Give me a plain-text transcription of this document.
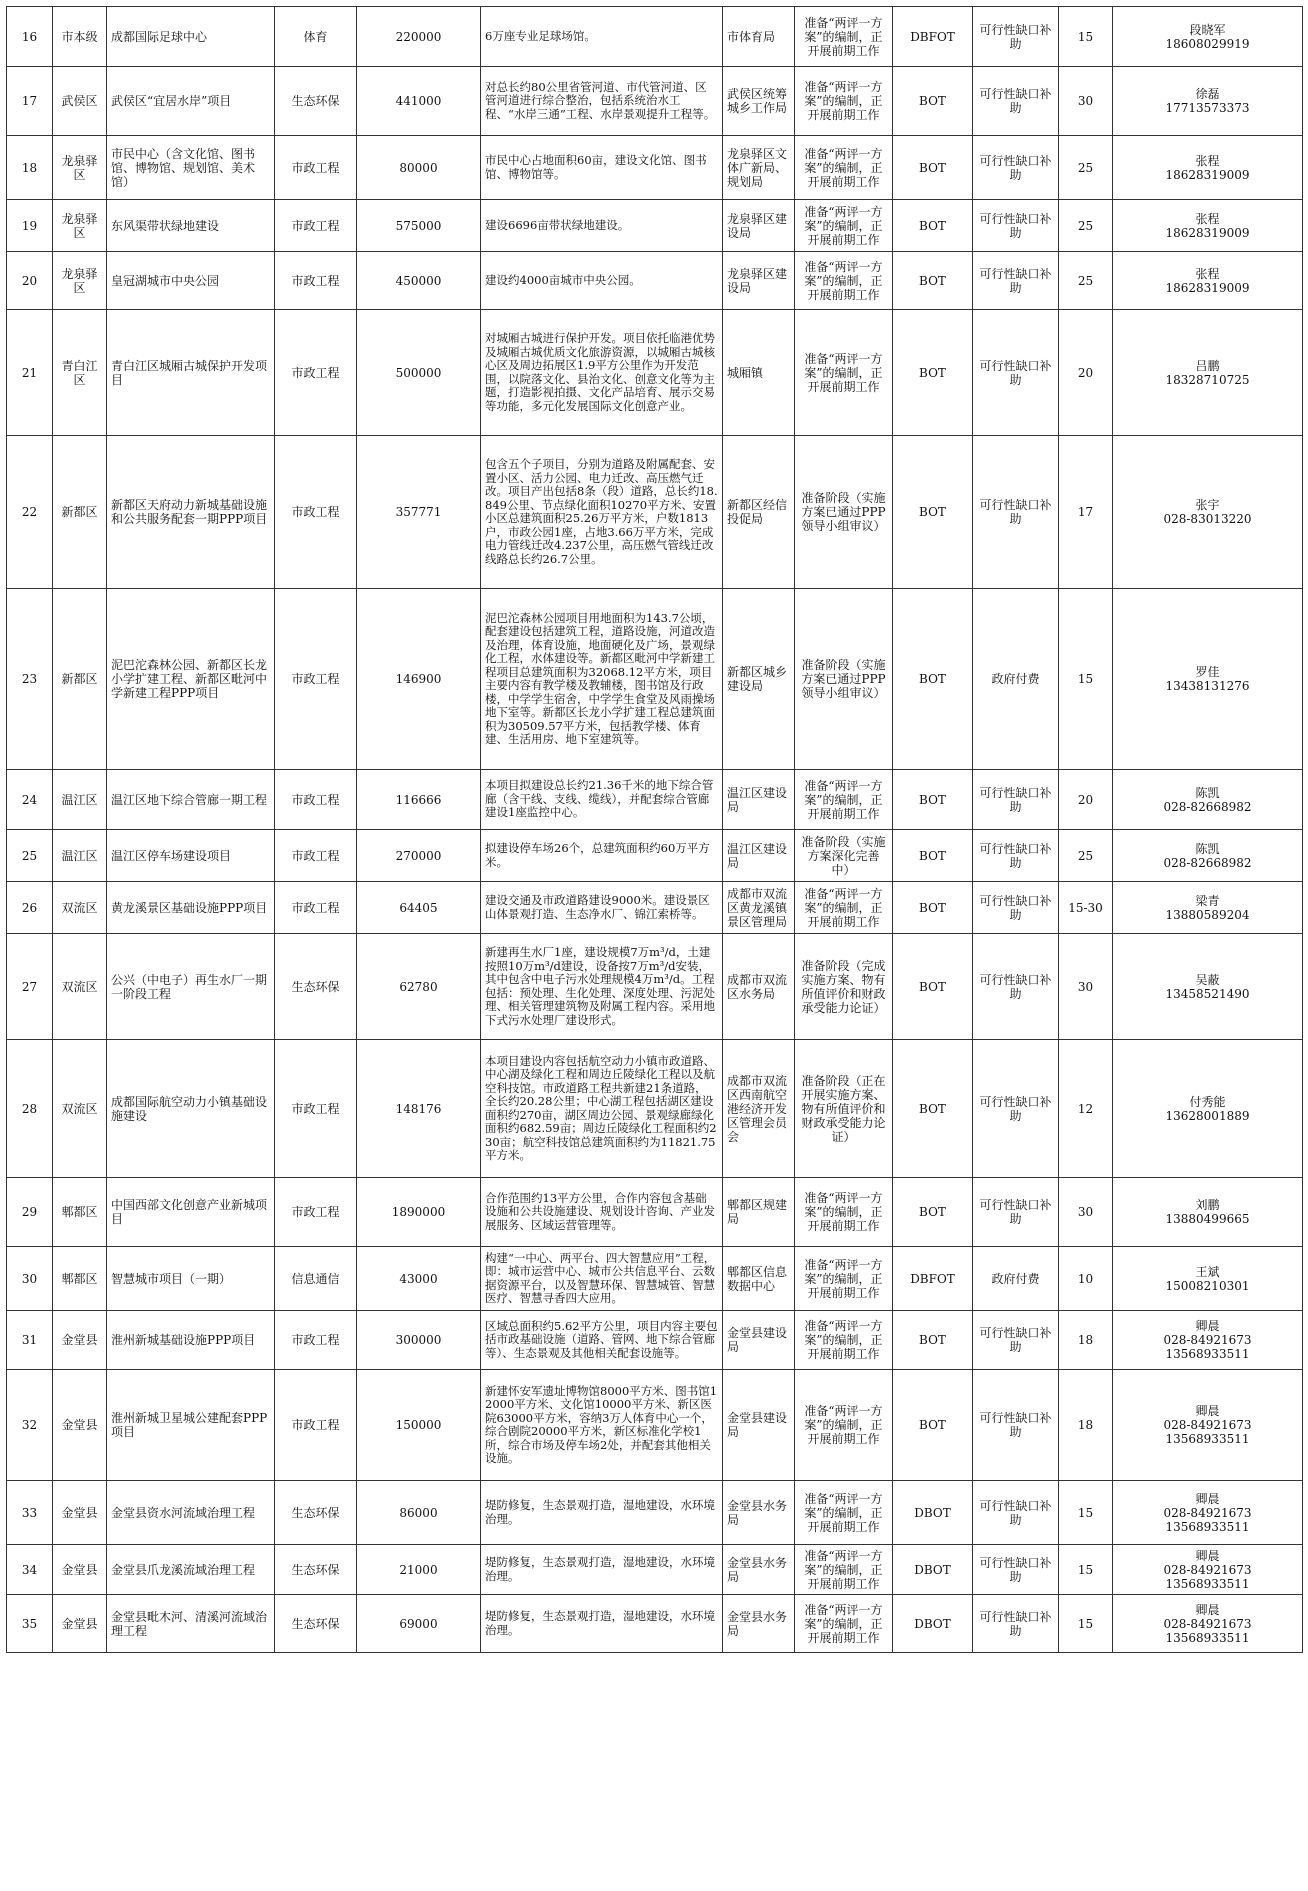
16	市本级	成都国际足球中心	体育	220000	6万座专业足球场馆。	市体育局	准备“两评一方案”的编制，正开展前期工作	DBFOT	可行性缺口补助	15	段晓军
18608029919

17	武侯区	武侯区“宜居水岸”项目	生态环保	441000	对总长约80公里省管河道、市代管河道、区管河道进行综合整治，包括系统治水工程、“水岸三通”工程、水岸景观提升工程等。	武侯区统筹城乡工作局	准备“两评一方案”的编制，正开展前期工作	BOT	可行性缺口补助	30	徐磊
17713573373

18	龙泉驿区	市民中心（含文化馆、图书馆、博物馆、规划馆、美术馆）	市政工程	80000	市民中心占地面积60亩，建设文化馆、图书馆、博物馆等。	龙泉驿区文体广新局、规划局	准备“两评一方案”的编制，正开展前期工作	BOT	可行性缺口补助	25	张程
18628319009

19	龙泉驿区	东风渠带状绿地建设	市政工程	575000	建设6696亩带状绿地建设。	龙泉驿区建设局	准备“两评一方案”的编制，正开展前期工作	BOT	可行性缺口补助	25	张程
18628319009

20	龙泉驿区	皇冠湖城市中央公园	市政工程	450000	建设约4000亩城市中央公园。	龙泉驿区建设局	准备“两评一方案”的编制，正开展前期工作	BOT	可行性缺口补助	25	张程
18628319009

21	青白江区	青白江区城厢古城保护开发项目	市政工程	500000	对城厢古城进行保护开发。项目依托临港优势及城厢古城优质文化旅游资源，以城厢古城核心区及周边拓展区1.9平方公里作为开发范围，以院落文化、县治文化、创意文化等为主题，打造影视拍摄、文化产品培育、展示交易等功能，多元化发展国际文化创意产业。	城厢镇	准备“两评一方案”的编制，正开展前期工作	BOT	可行性缺口补助	20	吕鹏
18328710725

22	新都区	新都区天府动力新城基础设施和公共服务配套一期PPP项目	市政工程	357771	包含五个子项目，分别为道路及附属配套、安置小区、活力公园、电力迁改、高压燃气迁改。项目产出包括8条（段）道路，总长约18.849公里、节点绿化面积10270平方米、安置小区总建筑面积25.26万平方米，户数1813户，市政公园1座，占地3.66万平方米，完成电力管线迁改4.237公里，高压燃气管线迁改线路总长约26.7公里。	新都区经信投促局	准备阶段（实施方案已通过PPP领导小组审议）	BOT	可行性缺口补助	17	张宇
028-83013220

23	新都区	泥巴沱森林公园、新都区长龙小学扩建工程、新都区毗河中学新建工程PPP项目	市政工程	146900	泥巴沱森林公园项目用地面积为143.7公顷，配套建设包括建筑工程，道路设施，河道改造及治理，体育设施，地面硬化及广场，景观绿化工程，水体建设等。新都区毗河中学新建工程项目总建筑面积为32068.12平方米，项目主要内容有教学楼及教辅楼，图书馆及行政楼，中学学生宿舍，中学学生食堂及风雨操场地下室等。新都区长龙小学扩建工程总建筑面积为30509.57平方米，包括教学楼、体育建、生活用房、地下室建筑等。	新都区城乡建设局	准备阶段（实施方案已通过PPP领导小组审议）	BOT	政府付费	15	罗佳
13438131276

24	温江区	温江区地下综合管廊一期工程	市政工程	116666	本项目拟建设总长约21.36千米的地下综合管廊（含干线、支线、缆线），并配套综合管廊建设1座监控中心。	温江区建设局	准备“两评一方案”的编制，正开展前期工作	BOT	可行性缺口补助	20	陈凯
028-82668982

25	温江区	温江区停车场建设项目	市政工程	270000	拟建设停车场26个，总建筑面积约60万平方米。	温江区建设局	准备阶段（实施方案深化完善中）	BOT	可行性缺口补助	25	陈凯
028-82668982

26	双流区	黄龙溪景区基础设施PPP项目	市政工程	64405	建设交通及市政道路建设9000米。建设景区山体景观打造、生态净水厂、锦江索桥等。	成都市双流区黄龙溪镇景区管理局	准备“两评一方案”的编制，正开展前期工作	BOT	可行性缺口补助	15-30	梁青
13880589204

27	双流区	公兴（中电子）再生水厂一期一阶段工程	生态环保	62780	新建再生水厂1座，建设规模7万m³/d，土建按照10万m³/d建设，设备按7万m³/d安装，其中包含中电子污水处理规模4万m³/d。工程包括：预处理、生化处理、深度处理、污泥处理、相关管理建筑物及附属工程内容。采用地下式污水处理厂建设形式。	成都市双流区水务局	准备阶段（完成实施方案、物有所值评价和财政承受能力论证）	BOT	可行性缺口补助	30	吴蔽
13458521490

28	双流区	成都国际航空动力小镇基础设施建设	市政工程	148176	本项目建设内容包括航空动力小镇市政道路、中心湖及绿化工程和周边丘陵绿化工程以及航空科技馆。市政道路工程共新建21条道路，全长约20.28公里；中心湖工程包括湖区建设面积约270亩，湖区周边公园、景观绿廊绿化面积约682.59亩；周边丘陵绿化工程面积约230亩；航空科技馆总建筑面积约为11821.75平方米。	成都市双流区西南航空港经济开发区管理会员会	准备阶段（正在开展实施方案、物有所值评价和财政承受能力论证）	BOT	可行性缺口补助	12	付秀能
13628001889

29	郫都区	中国西部文化创意产业新城项目	市政工程	1890000	合作范围约13平方公里，合作内容包含基础设施和公共设施建设、规划设计咨询、产业发展服务、区域运营管理等。	郫都区规建局	准备“两评一方案”的编制，正开展前期工作	BOT	可行性缺口补助	30	刘鹏
13880499665

30	郫都区	智慧城市项目（一期）	信息通信	43000	构建“一中心、两平台、四大智慧应用”工程，即：城市运营中心、城市公共信息平台、云数据资源平台，以及智慧环保、智慧城管、智慧医疗、智慧寻香四大应用。	郫都区信息数据中心	准备“两评一方案”的编制，正开展前期工作	DBFOT	政府付费	10	王斌
15008210301

31	金堂县	淮州新城基础设施PPP项目	市政工程	300000	区域总面积约5.62平方公里，项目内容主要包括市政基础设施（道路、管网、地下综合管廊等）、生态景观及其他相关配套设施等。	金堂县建设局	准备“两评一方案”的编制，正开展前期工作	BOT	可行性缺口补助	18	卿晨
028-84921673
13568933511

32	金堂县	淮州新城卫星城公建配套PPP项目	市政工程	150000	新建怀安军遗址博物馆8000平方米、图书馆12000平方米、文化馆10000平方米、新区医院63000平方米，容纳3万人体育中心一个，综合剧院20000平方米，新区标准化学校1所，综合市场及停车场2处，并配套其他相关设施。	金堂县建设局	准备“两评一方案”的编制，正开展前期工作	BOT	可行性缺口补助	18	卿晨
028-84921673
13568933511

33	金堂县	金堂县资水河流域治理工程	生态环保	86000	堤防修复，生态景观打造，湿地建设，水环境治理。	金堂县水务局	准备“两评一方案”的编制，正开展前期工作	DBOT	可行性缺口补助	15	卿晨
028-84921673
13568933511

34	金堂县	金堂县爪龙溪流域治理工程	生态环保	21000	堤防修复，生态景观打造，湿地建设，水环境治理。	金堂县水务局	准备“两评一方案”的编制，正开展前期工作	DBOT	可行性缺口补助	15	卿晨
028-84921673
13568933511

35	金堂县	金堂县毗木河、清溪河流域治理工程	生态环保	69000	堤防修复，生态景观打造，湿地建设，水环境治理。	金堂县水务局	准备“两评一方案”的编制，正开展前期工作	DBOT	可行性缺口补助	15	卿晨
028-84921673
13568933511
